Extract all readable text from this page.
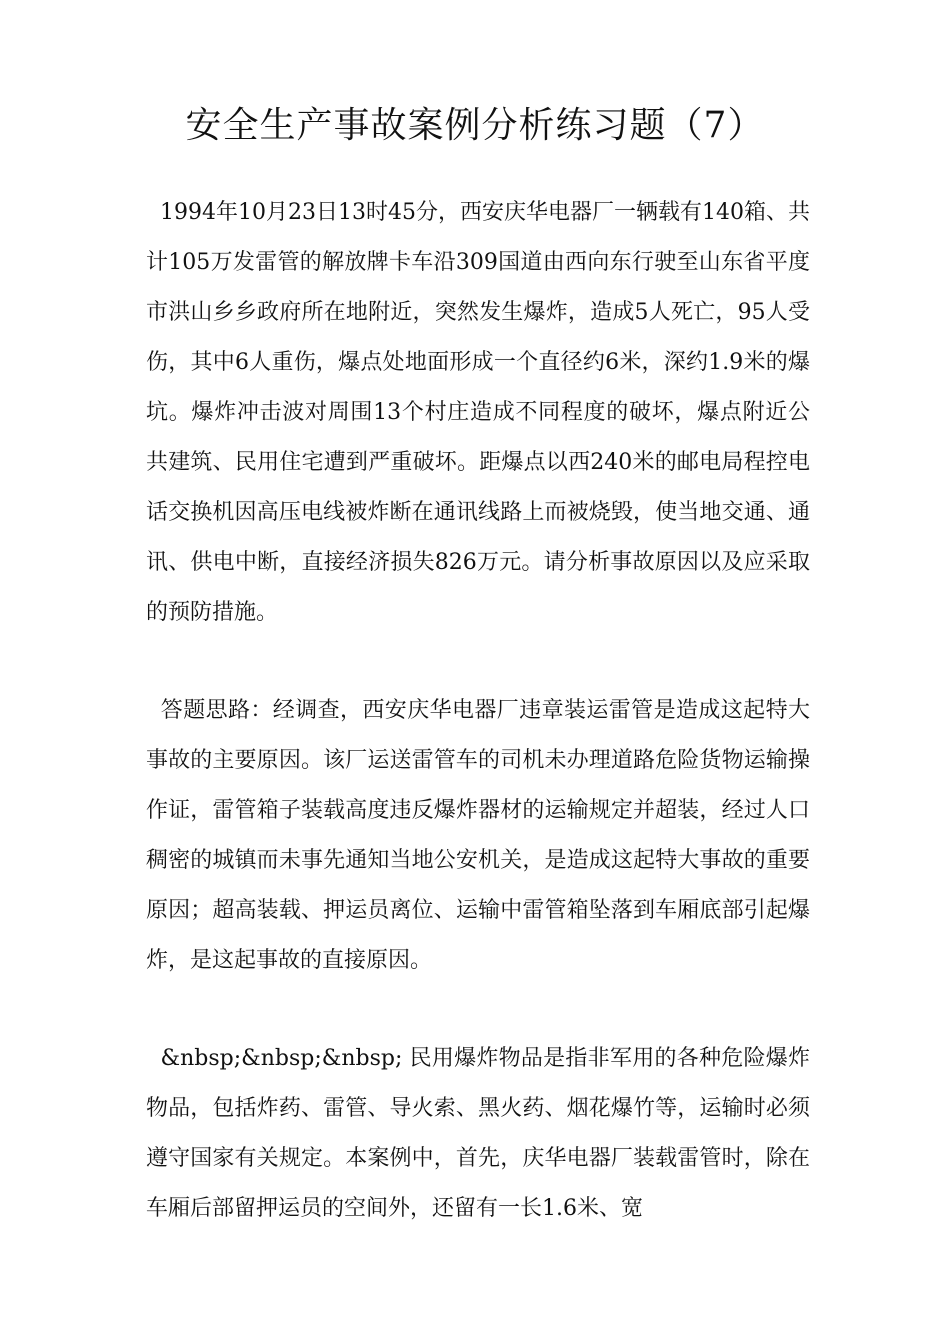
安全生产事故案例分析练习题（7）

1994年10月23日13时45分，西安庆华电器厂一辆载有140箱、共计105万发雷管的解放牌卡车沿309国道由西向东行驶至山东省平度市洪山乡乡政府所在地附近，突然发生爆炸，造成5人死亡，95人受伤，其中6人重伤，爆点处地面形成一个直径约6米，深约1.9米的爆坑。爆炸冲击波对周围13个村庄造成不同程度的破坏，爆点附近公共建筑、民用住宅遭到严重破坏。距爆点以西240米的邮电局程控电话交换机因高压电线被炸断在通讯线路上而被烧毁，使当地交通、通讯、供电中断，直接经济损失826万元。请分析事故原因以及应采取的预防措施。

答题思路：经调查，西安庆华电器厂违章装运雷管是造成这起特大事故的主要原因。该厂运送雷管车的司机未办理道路危险货物运输操作证，雷管箱子装载高度违反爆炸器材的运输规定并超装，经过人口稠密的城镇而未事先通知当地公安机关，是造成这起特大事故的重要原因；超高装载、押运员离位、运输中雷管箱坠落到车厢底部引起爆炸，是这起事故的直接原因。

&nbsp;&nbsp;&nbsp; 民用爆炸物品是指非军用的各种危险爆炸物品，包括炸药、雷管、导火索、黑火药、烟花爆竹等，运输时必须遵守国家有关规定。本案例中，首先，庆华电器厂装载雷管时，除在车厢后部留押运员的空间外，还留有一长1.6米、宽
